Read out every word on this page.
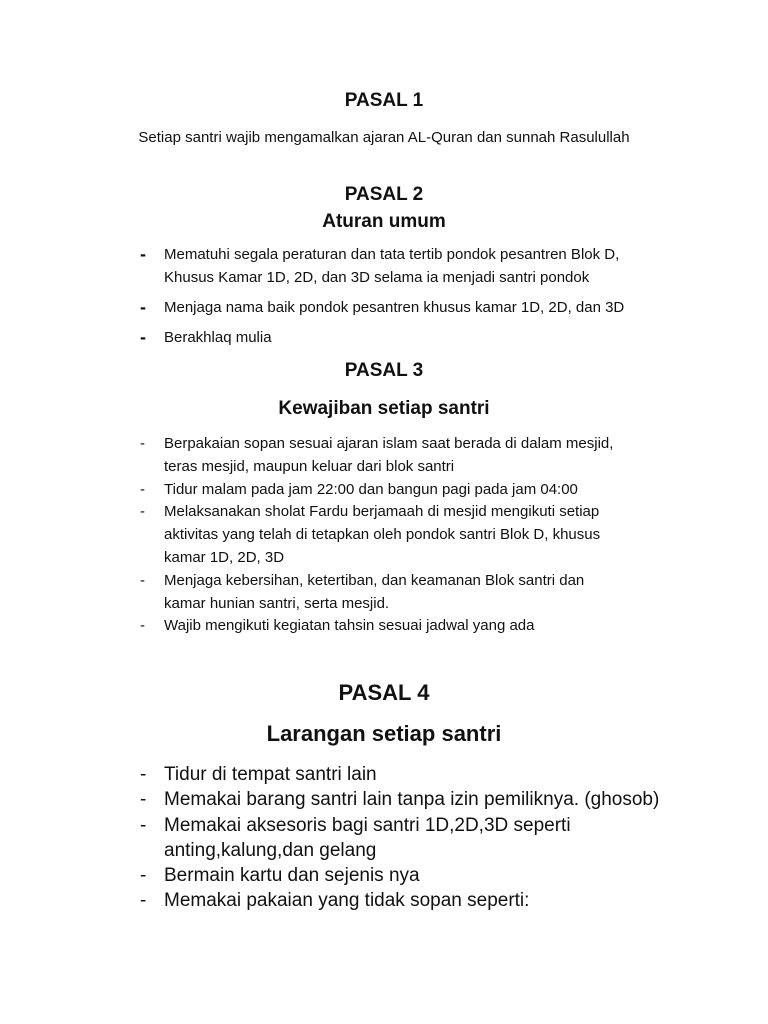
PASAL 1

Setiap santri wajib mengamalkan ajaran AL-Quran dan sunnah Rasulullah

PASAL 2
Aturan umum
- Mematuhi segala peraturan dan tata tertib pondok pesantren Blok D,
Khusus Kamar 1D, 2D, dan 3D selama ia menjadi santri pondok
- Menjaga nama baik pondok pesantren khusus kamar 1D, 2D, dan 3D
- Berakhlaq mulia
PASAL 3
Kewajiban setiap santri
- Berpakaian sopan sesuai ajaran islam saat berada di dalam mesjid,
teras mesjid, maupun keluar dari blok santri
- Tidur malam pada jam 22:00 dan bangun pagi pada jam 04:00
- Melaksanakan sholat Fardu berjamaah di mesjid mengikuti setiap
aktivitas yang telah di tetapkan oleh pondok santri Blok D, khusus
kamar 1D, 2D, 3D
- Menjaga kebersihan, ketertiban, dan keamanan Blok santri dan
kamar hunian santri, serta mesjid.
- Wajib mengikuti kegiatan tahsin sesuai jadwal yang ada
PASAL 4
Larangan setiap santri
- Tidur di tempat santri lain
- Memakai barang santri lain tanpa izin pemiliknya. (ghosob)
- Memakai aksesoris bagi santri 1D,2D,3D seperti
anting,kalung,dan gelang
- Bermain kartu dan sejenis nya
- Memakai pakaian yang tidak sopan seperti:
